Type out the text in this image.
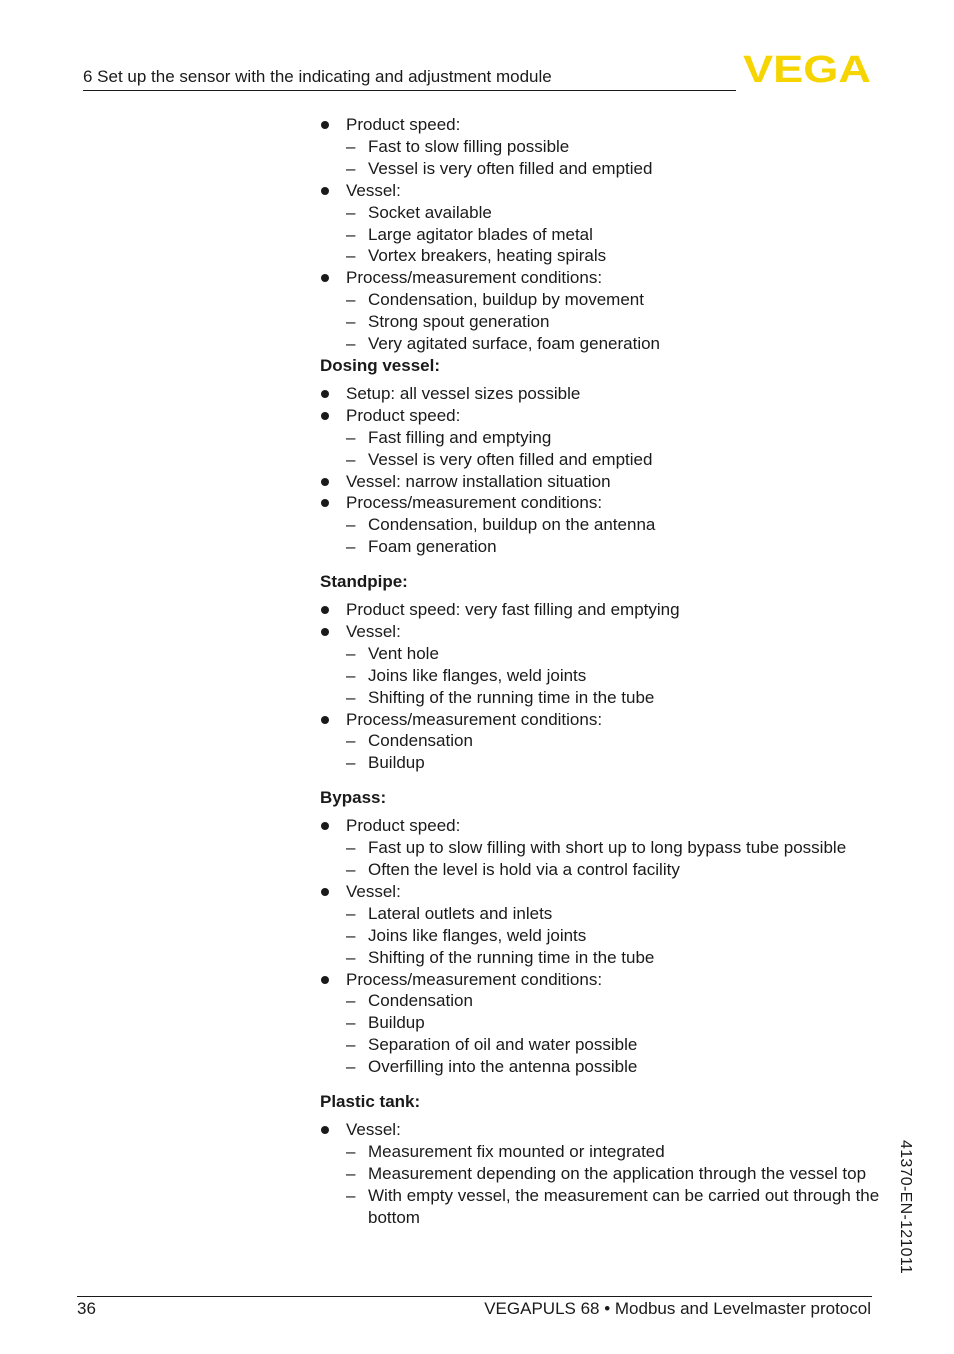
6 Set up the sensor with the indicating and adjustment module	VEGA
Product speed:
– Fast to slow filling possible
– Vessel is very often filled and emptied
Vessel:
– Socket available
– Large agitator blades of metal
– Vortex breakers, heating spirals
Process/measurement conditions:
– Condensation, buildup by movement
– Strong spout generation
– Very agitated surface, foam generation
Dosing vessel:
Setup: all vessel sizes possible
Product speed:
– Fast filling and emptying
– Vessel is very often filled and emptied
Vessel: narrow installation situation
Process/measurement conditions:
– Condensation, buildup on the antenna
– Foam generation
Standpipe:
Product speed: very fast filling and emptying
Vessel:
– Vent hole
– Joins like flanges, weld joints
– Shifting of the running time in the tube
Process/measurement conditions:
– Condensation
– Buildup
Bypass:
Product speed:
– Fast up to slow filling with short up to long bypass tube possible
– Often the level is hold via a control facility
Vessel:
– Lateral outlets and inlets
– Joins like flanges, weld joints
– Shifting of the running time in the tube
Process/measurement conditions:
– Condensation
– Buildup
– Separation of oil and water possible
– Overfilling into the antenna possible
Plastic tank:
Vessel:
– Measurement fix mounted or integrated
– Measurement depending on the application through the vessel top
– With empty vessel, the measurement can be carried out through the bottom	41370-EN-121011
36	VEGAPULS 68 • Modbus and Levelmaster protocol
